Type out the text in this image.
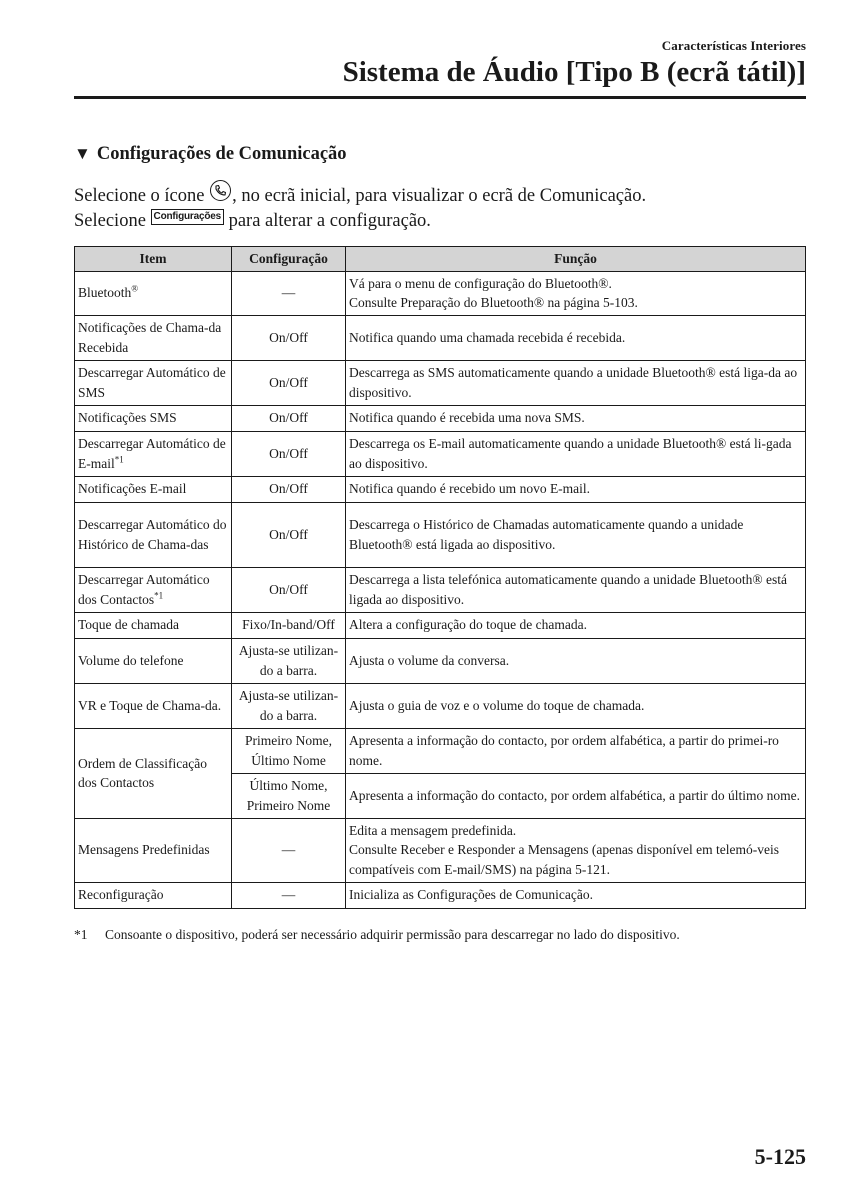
Características Interiores
Sistema de Áudio [Tipo B (ecrã tátil)]
▼ Configurações de Comunicação
Selecione o ícone , no ecrã inicial, para visualizar o ecrã de Comunicação.
Selecione Configurações para alterar a configuração.
Item	Configuração	Função
Bluetooth®	—	Vá para o menu de configuração do Bluetooth®.
Consulte Preparação do Bluetooth® na página 5-103.

Notificações de Chama-da Recebida	On/Off	Notifica quando uma chamada recebida é recebida.
Descarregar Automático de SMS	On/Off	Descarrega as SMS automaticamente quando a unidade Bluetooth® está liga-da ao dispositivo.
Notificações SMS	On/Off	Notifica quando é recebida uma nova SMS.
Descarregar Automático de E-mail$^{*1}$	On/Off	Descarrega os E-mail automaticamente quando a unidade Bluetooth® está li-gada ao dispositivo.
Notificações E-mail	On/Off	Notifica quando é recebido um novo E-mail.
Descarregar Automático do Histórico de Chama-das	On/Off	Descarrega o Histórico de Chamadas automaticamente quando a unidade Bluetooth® está ligada ao dispositivo.
Descarregar Automático dos Contactos$^{*1}$	On/Off	Descarrega a lista telefónica automaticamente quando a unidade Bluetooth® está ligada ao dispositivo.
Toque de chamada	Fixo/In-band/Off	Altera a configuração do toque de chamada.
Volume do telefone	Ajusta-se utilizan-do a barra.	Ajusta o volume da conversa.
VR e Toque de Chama-da.	Ajusta-se utilizan-do a barra.	Ajusta o guia de voz e o volume do toque de chamada.
Ordem de Classificação dos Contactos	Primeiro Nome, Último Nome	Apresenta a informação do contacto, por ordem alfabética, a partir do primei-ro nome.
	Último Nome, Primeiro Nome	Apresenta a informação do contacto, por ordem alfabética, a partir do último nome.
Mensagens Predefinidas	—	Edita a mensagem predefinida.
Consulte Receber e Responder a Mensagens (apenas disponível em telemó-veis compatíveis com E-mail/SMS) na página 5-121.

Reconfiguração	—	Inicializa as Configurações de Comunicação.
*1 Consoante o dispositivo, poderá ser necessário adquirir permissão para descarregar no lado do dispositivo.
5-125
